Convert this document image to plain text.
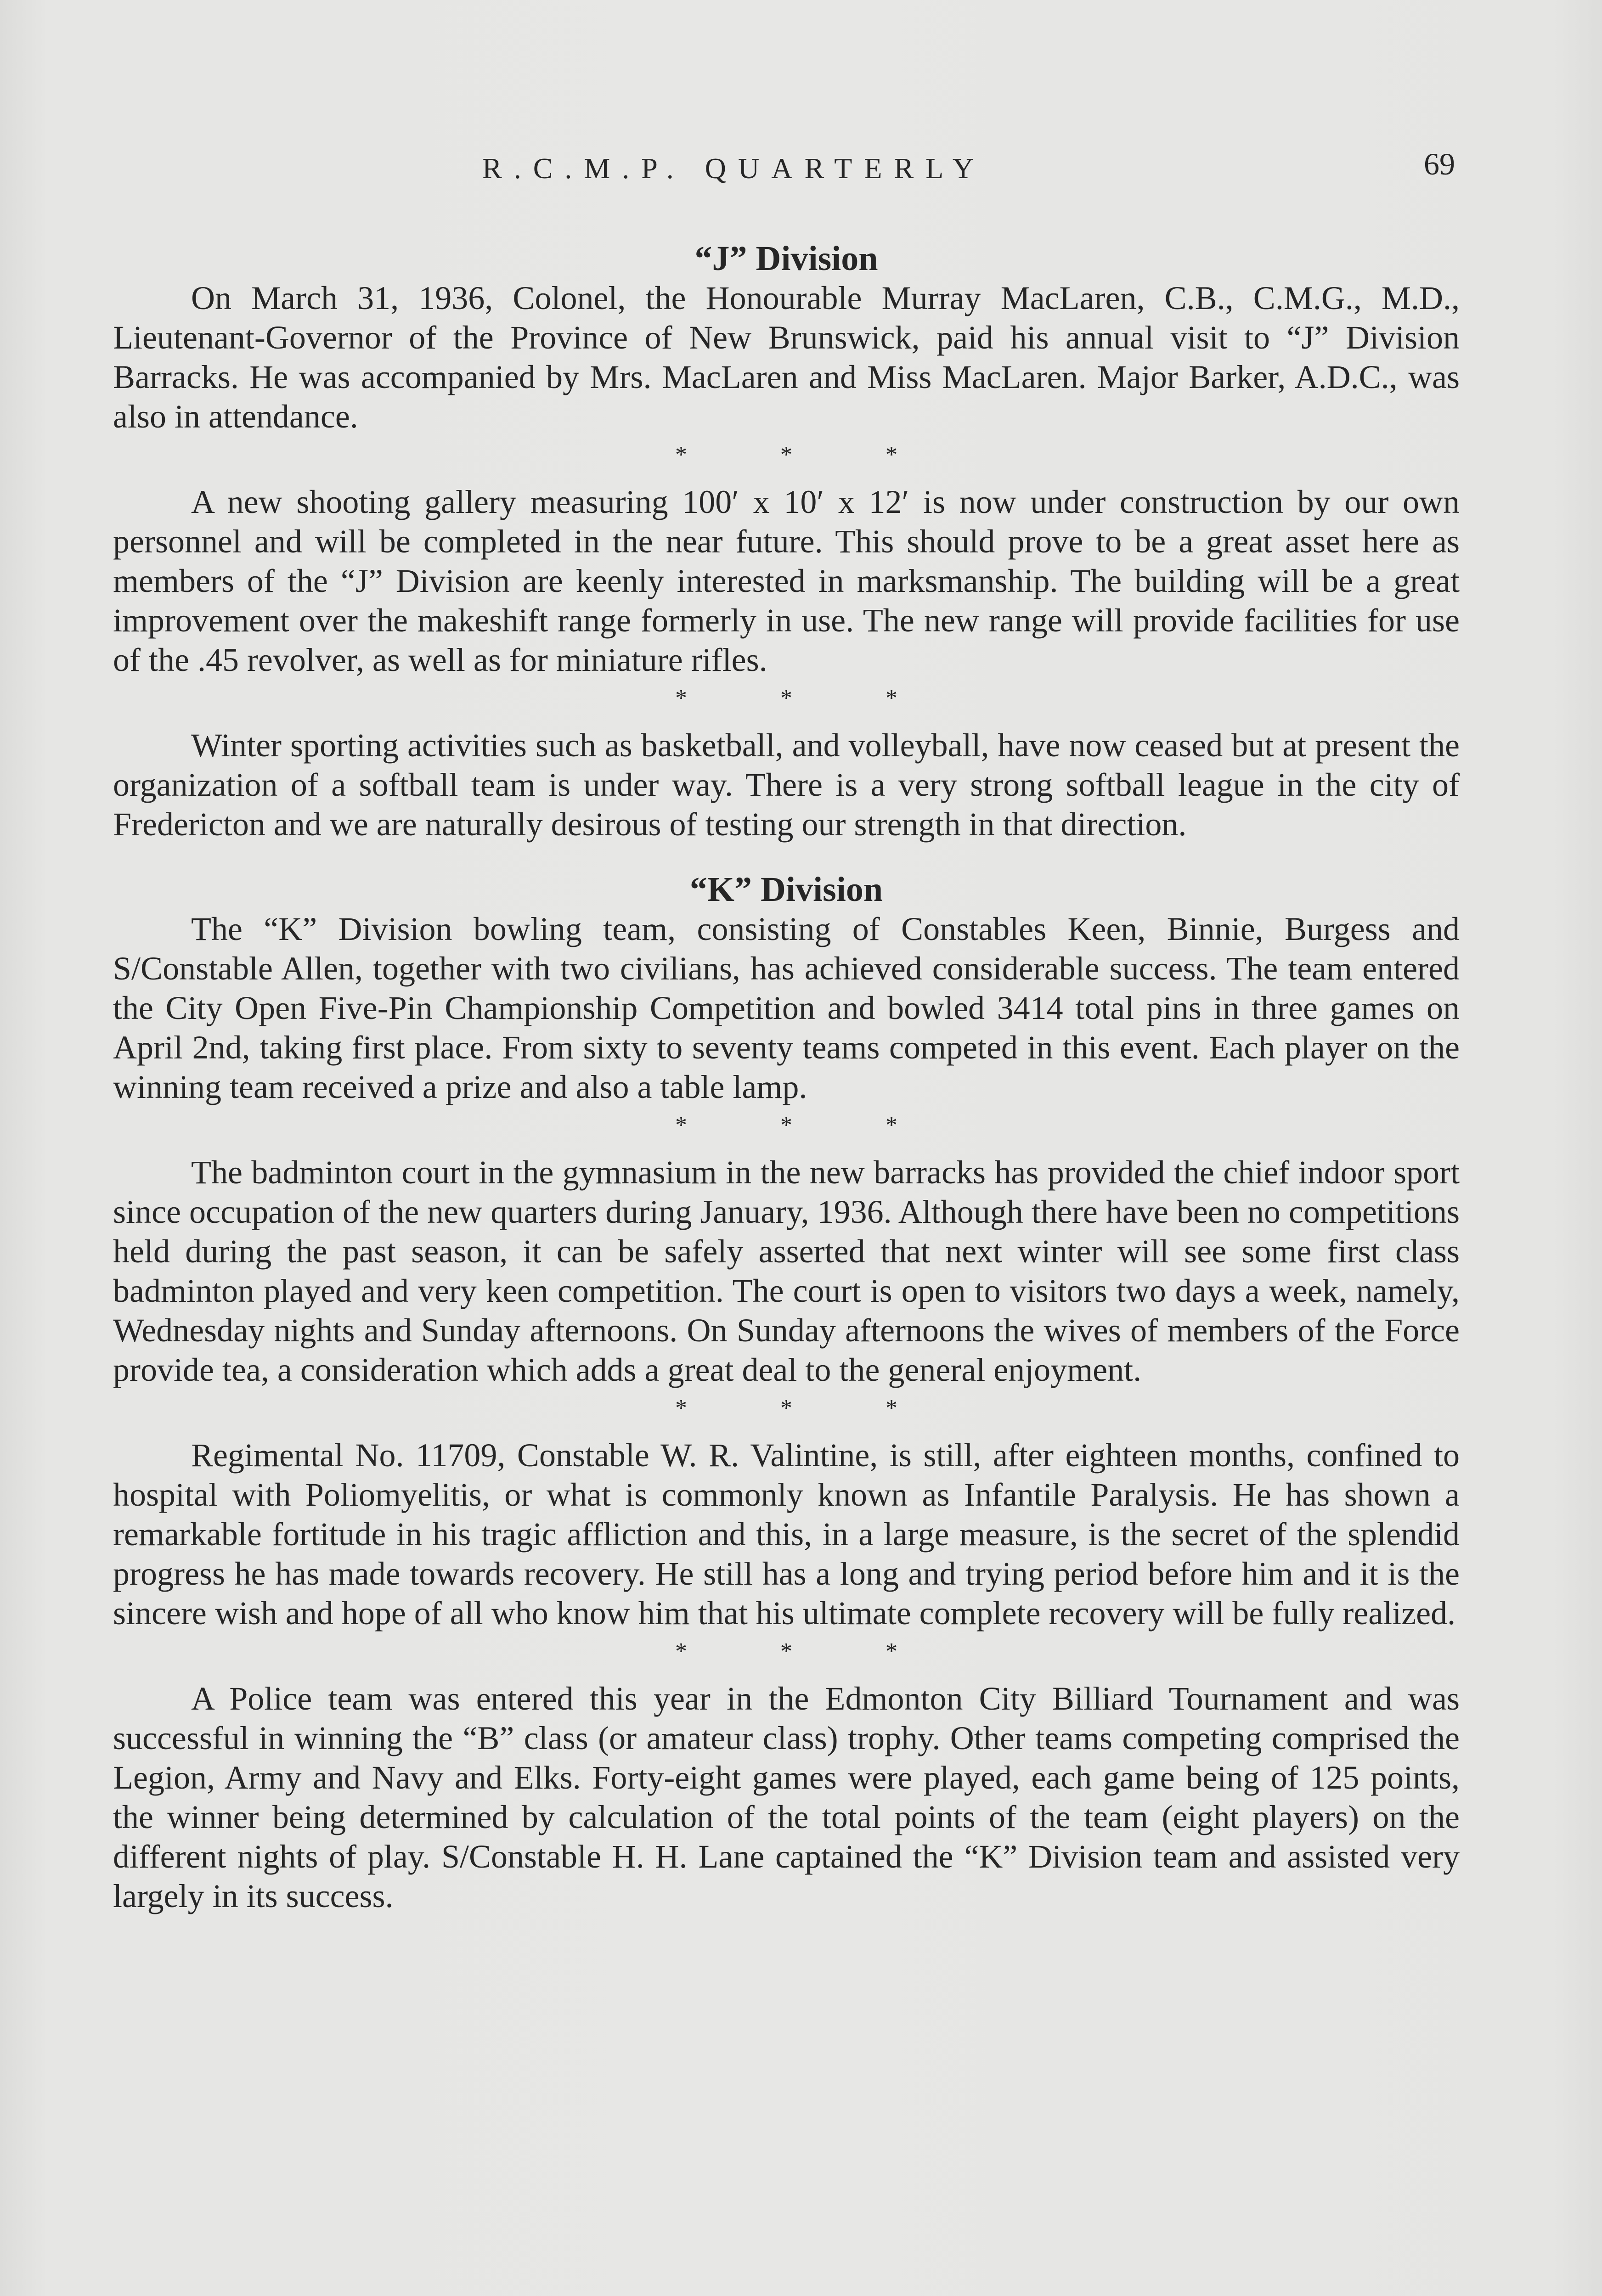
R.C.M.P. QUARTERLY	69
“J” Division

On March 31, 1936, Colonel, the Honourable Murray MacLaren, C.B., C.M.G., M.D., Lieutenant-Governor of the Province of New Brunswick, paid his annual visit to “J” Division Barracks. He was accompanied by Mrs. MacLaren and Miss MacLaren. Major Barker, A.D.C., was also in attendance.

* * *

A new shooting gallery measuring 100′ x 10′ x 12′ is now under construction by our own personnel and will be completed in the near future. This should prove to be a great asset here as members of the “J” Division are keenly interested in marksmanship. The building will be a great improvement over the makeshift range formerly in use. The new range will provide facilities for use of the .45 revolver, as well as for miniature rifles.

* * *

Winter sporting activities such as basketball, and volleyball, have now ceased but at present the organization of a softball team is under way. There is a very strong softball league in the city of Fredericton and we are naturally desirous of testing our strength in that direction.

“K” Division

The “K” Division bowling team, consisting of Constables Keen, Binnie, Burgess and S/Constable Allen, together with two civilians, has achieved considerable success. The team entered the City Open Five-Pin Championship Competition and bowled 3414 total pins in three games on April 2nd, taking first place. From sixty to seventy teams competed in this event. Each player on the winning team received a prize and also a table lamp.

* * *

The badminton court in the gymnasium in the new barracks has provided the chief indoor sport since occupation of the new quarters during January, 1936. Although there have been no competitions held during the past season, it can be safely asserted that next winter will see some first class badminton played and very keen competition. The court is open to visitors two days a week, namely, Wednesday nights and Sunday afternoons. On Sunday afternoons the wives of members of the Force provide tea, a consideration which adds a great deal to the general enjoyment.

* * *

Regimental No. 11709, Constable W. R. Valintine, is still, after eighteen months, confined to hospital with Poliomyelitis, or what is commonly known as Infantile Paralysis. He has shown a remarkable fortitude in his tragic affliction and this, in a large measure, is the secret of the splendid progress he has made towards recovery. He still has a long and trying period before him and it is the sincere wish and hope of all who know him that his ultimate complete recovery will be fully realized.

* * *

A Police team was entered this year in the Edmonton City Billiard Tournament and was successful in winning the “B” class (or amateur class) trophy. Other teams competing comprised the Legion, Army and Navy and Elks. Forty-eight games were played, each game being of 125 points, the winner being determined by calculation of the total points of the team (eight players) on the different nights of play. S/Constable H. H. Lane captained the “K” Division team and assisted very largely in its success.
